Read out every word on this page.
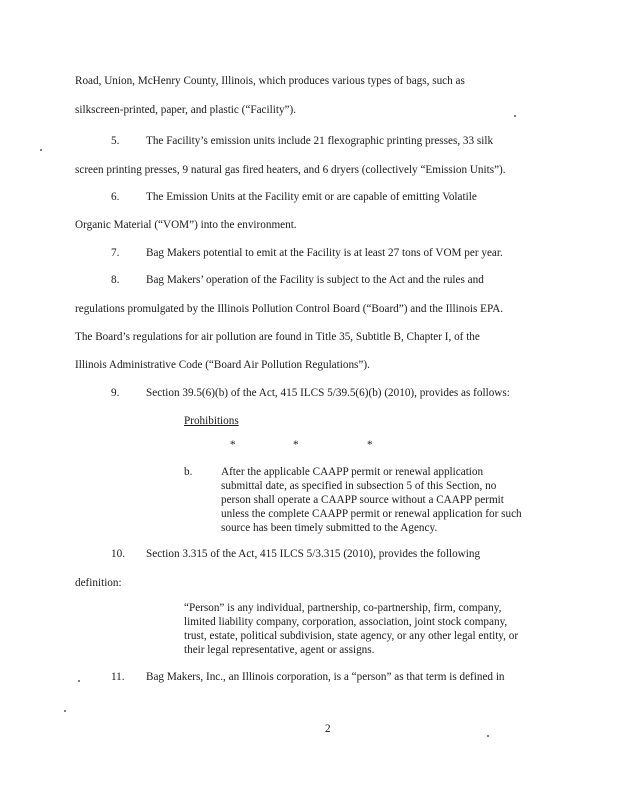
Road, Union, McHenry County, Illinois, which produces various types of bags, such as
silkscreen-printed, paper, and plastic (“Facility”).
5. The Facility’s emission units include 21 flexographic printing presses, 33 silk
screen printing presses, 9 natural gas fired heaters, and 6 dryers (collectively “Emission Units”).
6. The Emission Units at the Facility emit or are capable of emitting Volatile
Organic Material (“VOM”) into the environment.
7. Bag Makers potential to emit at the Facility is at least 27 tons of VOM per year.
8. Bag Makers’ operation of the Facility is subject to the Act and the rules and
regulations promulgated by the Illinois Pollution Control Board (“Board”) and the Illinois EPA.
The Board’s regulations for air pollution are found in Title 35, Subtitle B, Chapter I, of the
Illinois Administrative Code (“Board Air Pollution Regulations”).
9. Section 39.5(6)(b) of the Act, 415 ILCS 5/39.5(6)(b) (2010), provides as follows:
Prohibitions
*	*	*
b.	After the applicable CAAPP permit or renewal application
submittal date, as specified in subsection 5 of this Section, no
person shall operate a CAAPP source without a CAAPP permit
unless the complete CAAPP permit or renewal application for such
source has been timely submitted to the Agency.
10. Section 3.315 of the Act, 415 ILCS 5/3.315 (2010), provides the following
definition:
“Person” is any individual, partnership, co-partnership, firm, company,
limited liability company, corporation, association, joint stock company,
trust, estate, political subdivision, state agency, or any other legal entity, or
their legal representative, agent or assigns.
11. Bag Makers, Inc., an Illinois corporation, is a “person” as that term is defined in
2
